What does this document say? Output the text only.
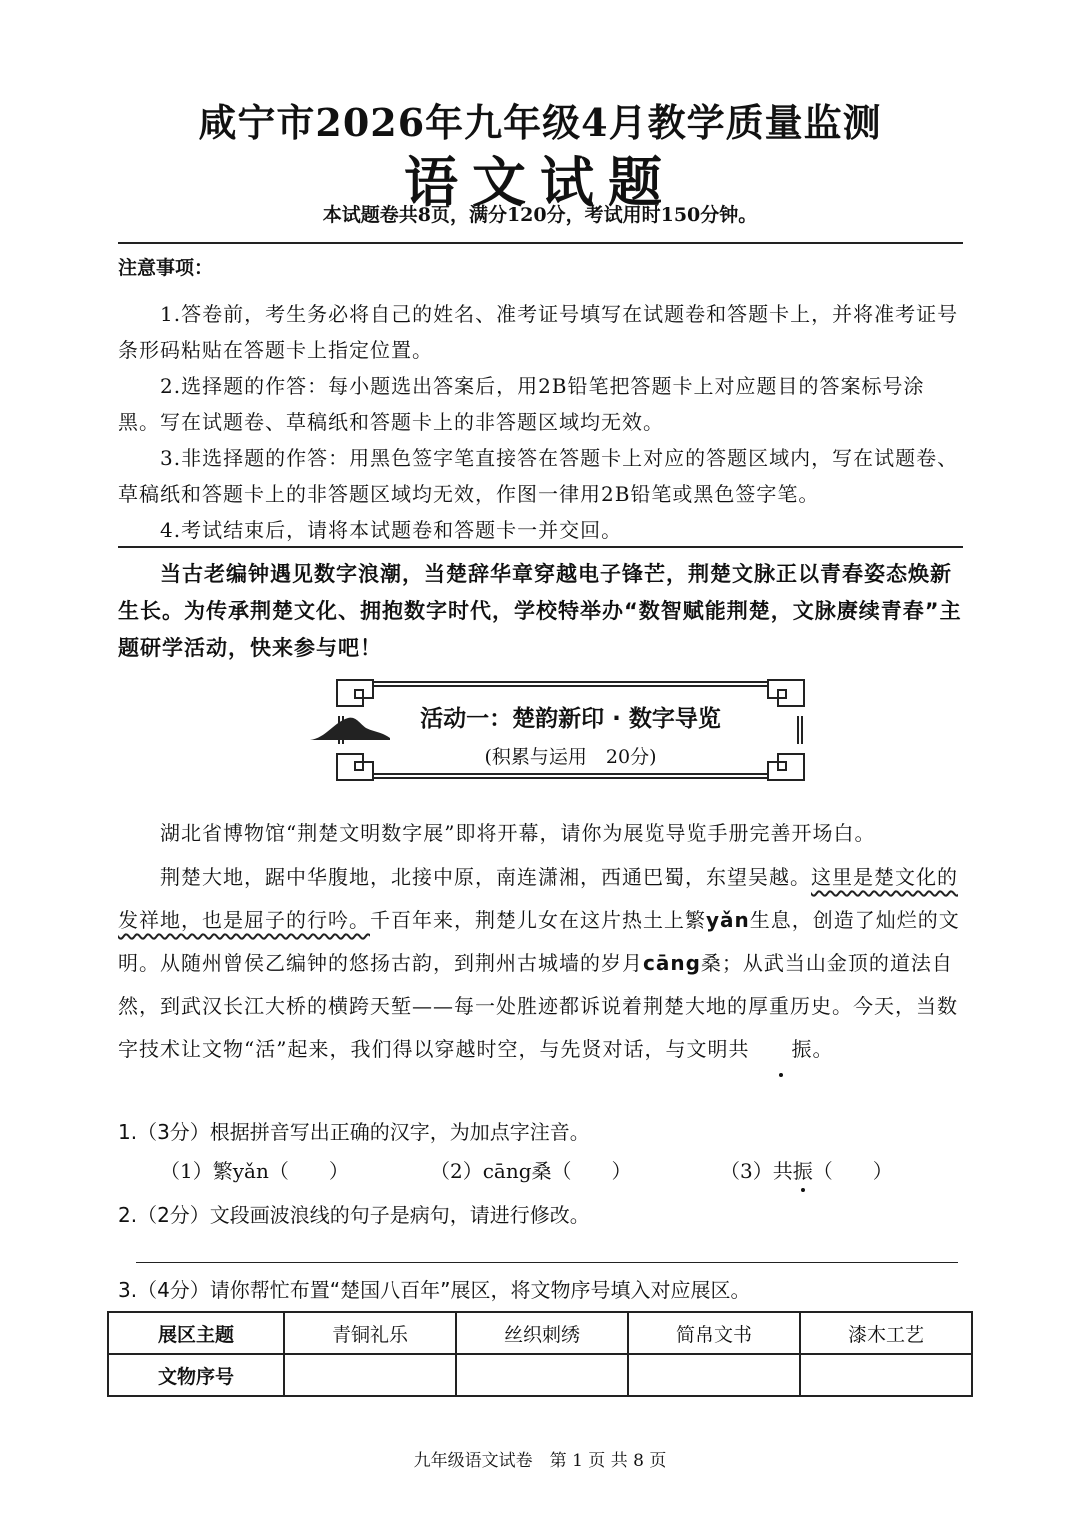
咸宁市2026年九年级4月教学质量监测
语文试题
本试题卷共8页，满分120分，考试用时150分钟。
注意事项：
1.答卷前，考生务必将自己的姓名、准考证号填写在试题卷和答题卡上，并将准考证号条形码粘贴在答题卡上指定位置。
2.选择题的作答：每小题选出答案后，用2B铅笔把答题卡上对应题目的答案标号涂黑。写在试题卷、草稿纸和答题卡上的非答题区域均无效。
3.非选择题的作答：用黑色签字笔直接答在答题卡上对应的答题区域内，写在试题卷、草稿纸和答题卡上的非答题区域均无效，作图一律用2B铅笔或黑色签字笔。
4.考试结束后，请将本试题卷和答题卡一并交回。
当古老编钟遇见数字浪潮，当楚辞华章穿越电子锋芒，荆楚文脉正以青春姿态焕新生长。为传承荆楚文化、拥抱数字时代，学校特举办“数智赋能荆楚，文脉赓续青春”主题研学活动，快来参与吧！
活动一：楚韵新印 · 数字导览
(积累与运用　20分)
湖北省博物馆“荆楚文明数字展”即将开幕，请你为展览导览手册完善开场白。
荆楚大地，踞中华腹地，北接中原，南连潇湘，西通巴蜀，东望吴越。这里是楚文化的发祥地，也是屈子的行吟。千百年来，荆楚儿女在这片热土上繁yǎn生息，创造了灿烂的文明。从随州曾侯乙编钟的悠扬古韵，到荆州古城墙的岁月cāng桑；从武当山金顶的道法自然，到武汉长江大桥的横跨天堑——每一处胜迹都诉说着荆楚大地的厚重历史。今天，当数字技术让文物“活”起来，我们得以穿越时空，与先贤对话，与文明共 振。
1.（3分）根据拼音写出正确的汉字，为加点字注音。
（1）繁yǎn（　　）	（2）cāng桑（　　）	（3）共振（　　）
2.（2分）文段画波浪线的句子是病句，请进行修改。
3.（4分）请你帮忙布置“楚国八百年”展区，将文物序号填入对应展区。
展区主题	青铜礼乐	丝织刺绣	简帛文书	漆木工艺
文物序号				
九年级语文试卷　第 1 页 共 8 页
